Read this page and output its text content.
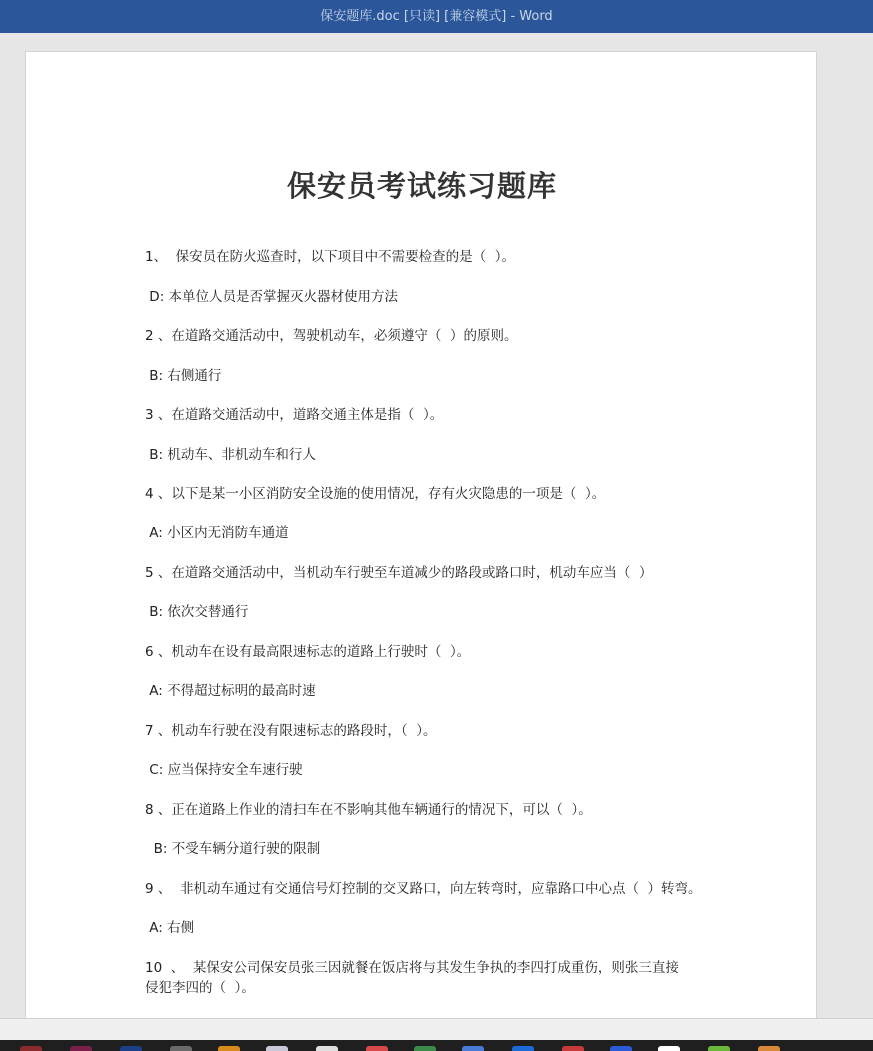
保安题库.doc [只读] [兼容模式] - Word
保安员考试练习题库
1、  保安员在防火巡查时，以下项目中不需要检查的是（  ）。
D: 本单位人员是否掌握灭火器材使用方法
2 、在道路交通活动中，驾驶机动车，必须遵守（  ）的原则。
B: 右侧通行
3 、在道路交通活动中，道路交通主体是指（  ）。
B: 机动车、非机动车和行人
4 、以下是某一小区消防安全设施的使用情况，存有火灾隐患的一项是（  ）。
A: 小区内无消防车通道
5 、在道路交通活动中，当机动车行驶至车道减少的路段或路口时，机动车应当（  ）
B: 依次交替通行
6 、机动车在设有最高限速标志的道路上行驶时（  ）。
A: 不得超过标明的最高时速
7 、机动车行驶在没有限速标志的路段时，（  ）。
C: 应当保持安全车速行驶
8 、正在道路上作业的清扫车在不影响其他车辆通行的情况下，可以（  ）。
B: 不受车辆分道行驶的限制
9 、  非机动车通过有交通信号灯控制的交叉路口，向左转弯时，应靠路口中心点（  ）转弯。
A: 右侧
10  、  某保安公司保安员张三因就餐在饭店将与其发生争执的李四打成重伤，则张三直接
侵犯李四的（  ）。
